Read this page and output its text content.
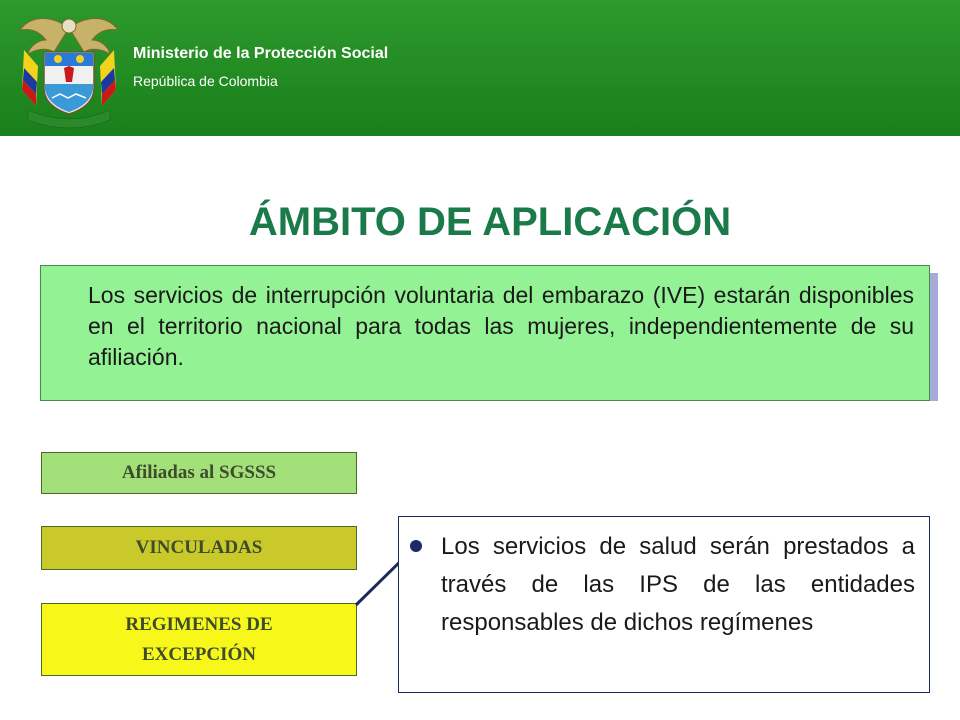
Ministerio de la Protección Social
República de Colombia
ÁMBITO DE APLICACIÓN
Los servicios de interrupción voluntaria del embarazo (IVE) estarán disponibles en el territorio nacional para todas las mujeres, independientemente de su afiliación.
Afiliadas al SGSSS
VINCULADAS
REGIMENES DE EXCEPCIÓN
Los servicios de salud serán prestados a través de las IPS de las entidades responsables de dichos regímenes
